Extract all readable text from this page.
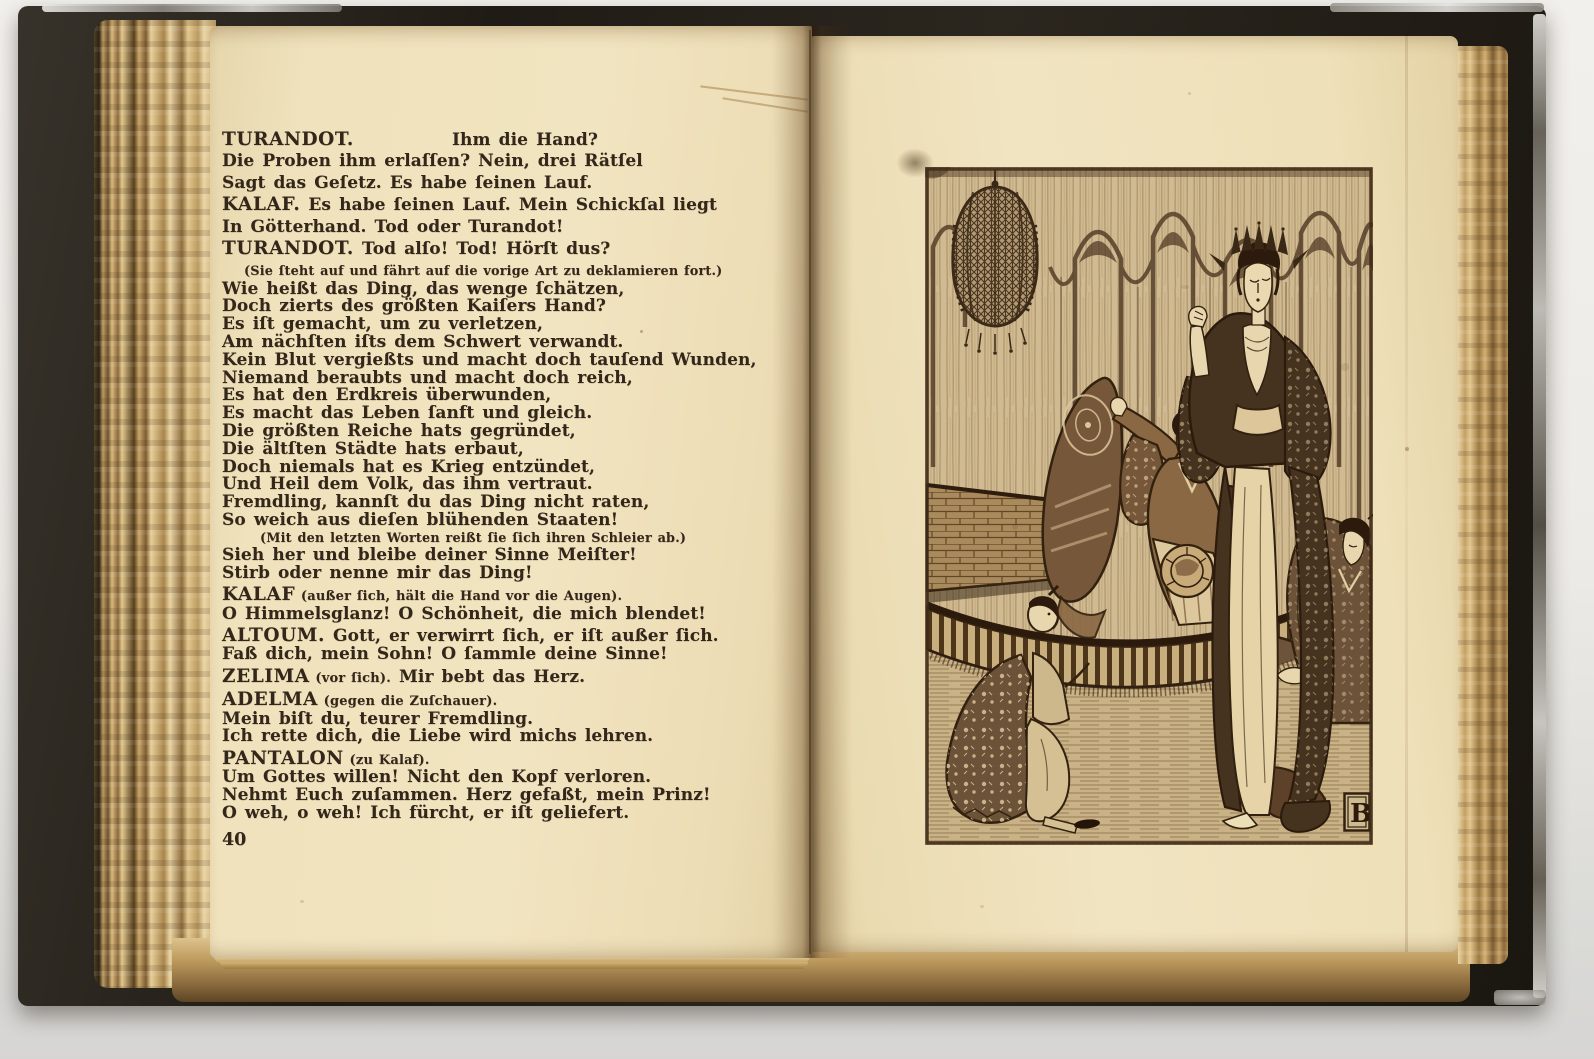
TURANDOT.	Ihm die Hand?
Die Proben ihm erlaſſen? Nein, drei Rätſel
Sagt das Geſetz. Es habe ſeinen Lauf.
KALAF. Es habe ſeinen Lauf. Mein Schickſal liegt
In Götterhand. Tod oder Turandot!
TURANDOT. Tod alſo! Tod! Hörſt dus?
(Sie ſteht auf und fährt auf die vorige Art zu deklamieren fort.)
Wie heißt das Ding, das wenge ſchätzen,
Doch zierts des größten Kaiſers Hand?
Es iſt gemacht, um zu verletzen,
Am nächſten iſts dem Schwert verwandt.
Kein Blut vergießts und macht doch tauſend Wunden,
Niemand beraubts und macht doch reich,
Es hat den Erdkreis überwunden,
Es macht das Leben ſanft und gleich.
Die größten Reiche hats gegründet,
Die ältſten Städte hats erbaut,
Doch niemals hat es Krieg entzündet,
Und Heil dem Volk, das ihm vertraut.
Fremdling, kannſt du das Ding nicht raten,
So weich aus dieſen blühenden Staaten!
(Mit den letzten Worten reißt ſie ſich ihren Schleier ab.)
Sieh her und bleibe deiner Sinne Meiſter!
Stirb oder nenne mir das Ding!
KALAF (außer ſich, hält die Hand vor die Augen).
O Himmelsglanz! O Schönheit, die mich blendet!
ALTOUM. Gott, er verwirrt ſich, er iſt außer ſich.
Faß dich, mein Sohn! O ſammle deine Sinne!
ZELIMA (vor ſich). Mir bebt das Herz.
ADELMA (gegen die Zuſchauer).
Mein biſt du, teurer Fremdling.
Ich rette dich, die Liebe wird michs lehren.
PANTALON (zu Kalaf).
Um Gottes willen! Nicht den Kopf verloren.
Nehmt Euch zuſammen. Herz gefaßt, mein Prinz!
O weh, o weh! Ich fürcht, er iſt geliefert.
40
B
